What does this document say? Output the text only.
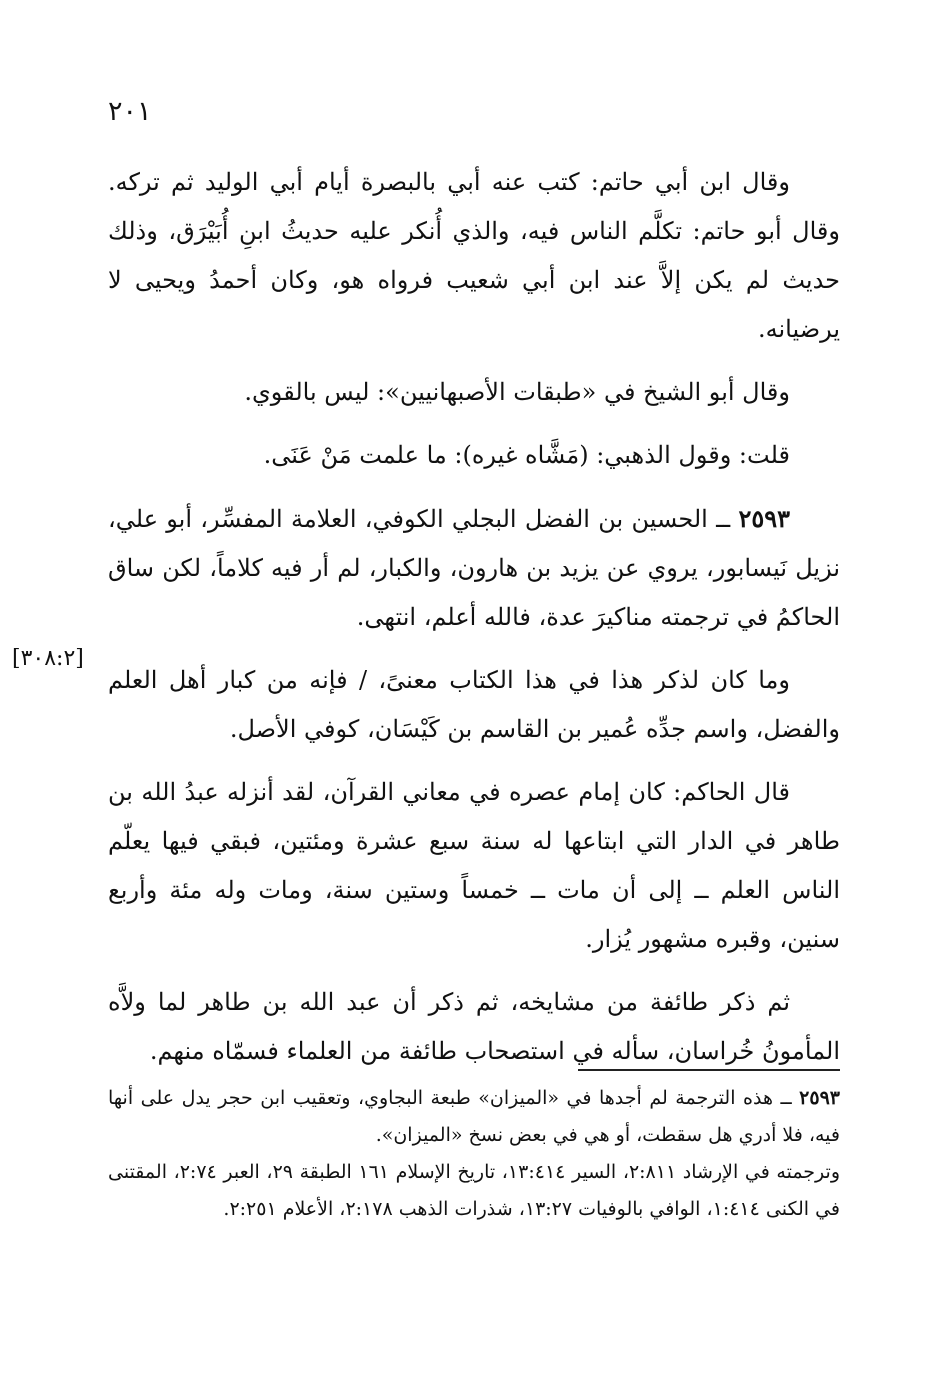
٢٠١
[٣٠٨:٢]

وقال ابن أبي حاتم: كتب عنه أبي بالبصرة أيام أبي الوليد ثم تركه. وقال أبو حاتم: تكلَّم الناس فيه، والذي أُنكر عليه حديثُ ابنِ أُبَيْرَق، وذلك حديث لم يكن إلاَّ عند ابن أبي شعيب فرواه هو، وكان أحمدُ ويحيى لا يرضيانه.

وقال أبو الشيخ في «طبقات الأصبهانيين»: ليس بالقوي.

قلت: وقول الذهبي: (مَشَّاه غيره): ما علمت مَنْ عَنَى.

٢٥٩٣ ــ الحسين بن الفضل البجلي الكوفي، العلامة المفسِّر، أبو علي، نزيل نَيسابور، يروي عن يزيد بن هارون، والكبار، لم أر فيه كلاماً، لكن ساق الحاكمُ في ترجمته مناكيرَ عدة، فالله أعلم، انتهى.

وما كان لذكر هذا في هذا الكتاب معنىً، / فإنه من كبار أهل العلم والفضل، واسم جدِّه عُمير بن القاسم بن كَيْسَان، كوفي الأصل.

قال الحاكم: كان إمام عصره في معاني القرآن، لقد أنزله عبدُ الله بن طاهر في الدار التي ابتاعها له سنة سبع عشرة ومئتين، فبقي فيها يعلّم الناس العلم ــ إلى أن مات ــ خمساً وستين سنة، ومات وله مئة وأربع سنين، وقبره مشهور يُزار.

ثم ذكر طائفة من مشايخه، ثم ذكر أن عبد الله بن طاهر لما ولاَّه المأمونُ خُراسان، سأله في استصحاب طائفة من العلماء فسمّاه منهم.

٢٥٩٣ ــ هذه الترجمة لم أجدها في «الميزان» طبعة البجاوي، وتعقيب ابن حجر يدل على أنها فيه، فلا أدري هل سقطت، أو هي في بعض نسخ «الميزان».

وترجمته في الإرشاد ٢:٨١١، السير ١٣:٤١٤، تاريخ الإسلام ١٦١ الطبقة ٢٩، العبر ٢:٧٤، المقتنى في الكنى ١:٤١٤، الوافي بالوفيات ١٣:٢٧، شذرات الذهب ٢:١٧٨، الأعلام ٢:٢٥١.
